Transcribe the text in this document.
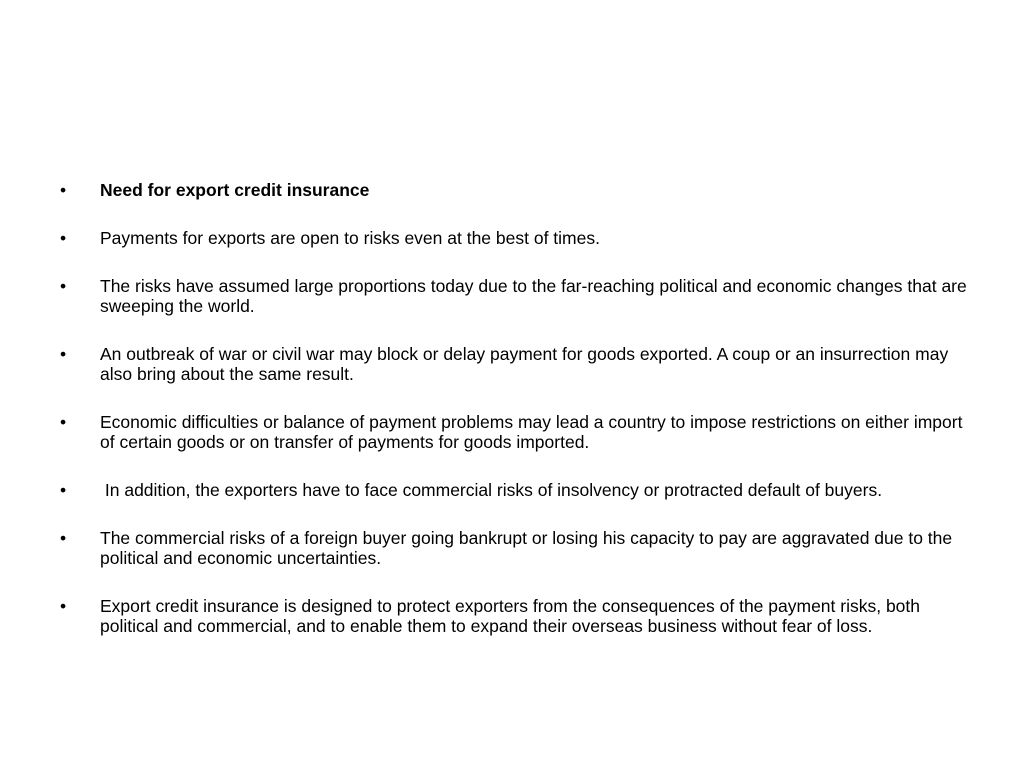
•	Need for export credit insurance
•	Payments for exports are open to risks even at the best of times.
•	The risks have assumed large proportions today due to the far-reaching political and economic changes that are sweeping the world.
•	An outbreak of war or civil war may block or delay payment for goods exported. A coup or an insurrection may also bring about the same result.
•	Economic difficulties or balance of payment problems may lead a country to impose restrictions on either import of certain goods or on transfer of payments for goods imported.
•	In addition, the exporters have to face commercial risks of insolvency or protracted default of buyers.
•	The commercial risks of a foreign buyer going bankrupt or losing his capacity to pay are aggravated due to the political and economic uncertainties.
•	Export credit insurance is designed to protect exporters from the consequences of the payment risks, both political and commercial, and to enable them to expand their overseas business without fear of loss.
